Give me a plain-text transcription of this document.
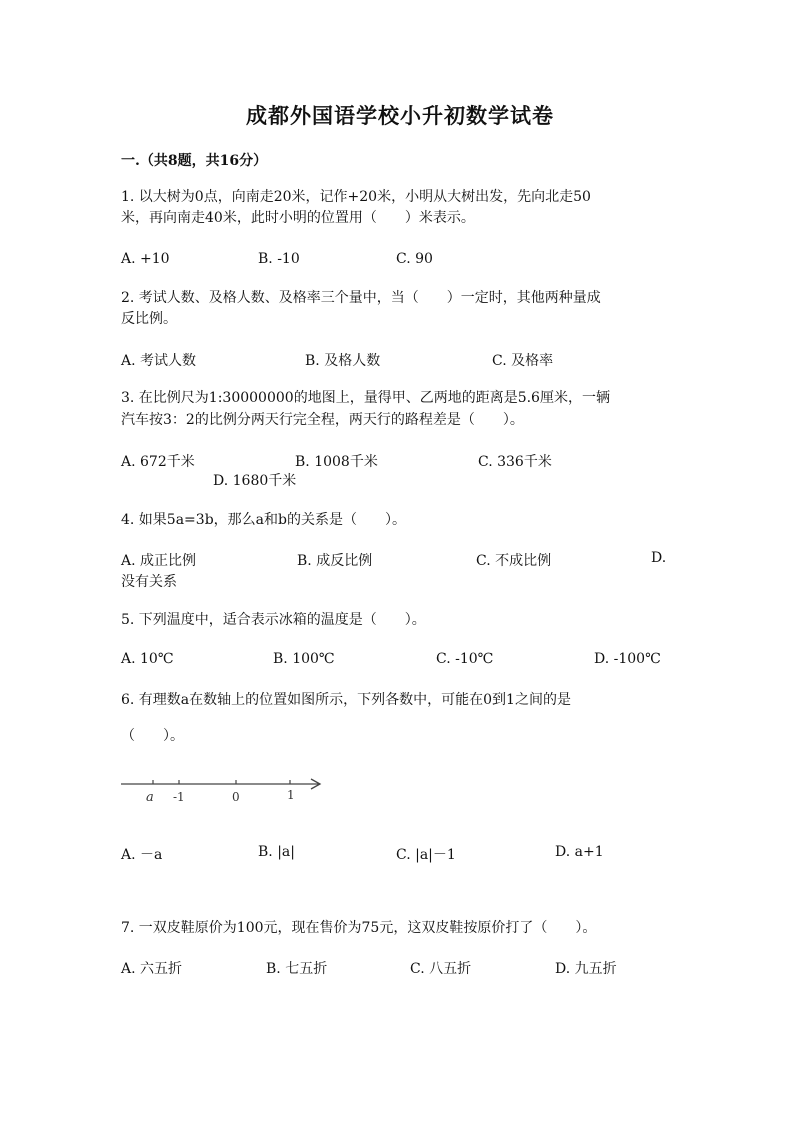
成都外国语学校小升初数学试卷
一.（共8题，共16分）
1. 以大树为0点，向南走20米，记作+20米，小明从大树出发，先向北走50
米，再向南走40米，此时小明的位置用（　　）米表示。
A. +10	B. -10	C. 90
2. 考试人数、及格人数、及格率三个量中，当（　　）一定时，其他两种量成
反比例。
A. 考试人数	B. 及格人数	C. 及格率
3. 在比例尺为1:30000000的地图上，量得甲、乙两地的距离是5.6厘米，一辆
汽车按3：2的比例分两天行完全程，两天行的路程差是（　　）。
A. 672千米	B. 1008千米	C. 336千米
D. 1680千米
4. 如果5a=3b，那么a和b的关系是（　　）。
A. 成正比例	B. 成反比例	C. 不成比例	D.
没有关系
5. 下列温度中，适合表示冰箱的温度是（　　）。
A. 10℃	B. 100℃	C. -10℃	D. -100℃
6. 有理数a在数轴上的位置如图所示，下列各数中，可能在0到1之间的是
（　　）。
a -1	0	1
A. －a	B. |a|	C. |a|－1	D. a+1
7. 一双皮鞋原价为100元，现在售价为75元，这双皮鞋按原价打了（　　）。
A. 六五折	B. 七五折	C. 八五折	D. 九五折
